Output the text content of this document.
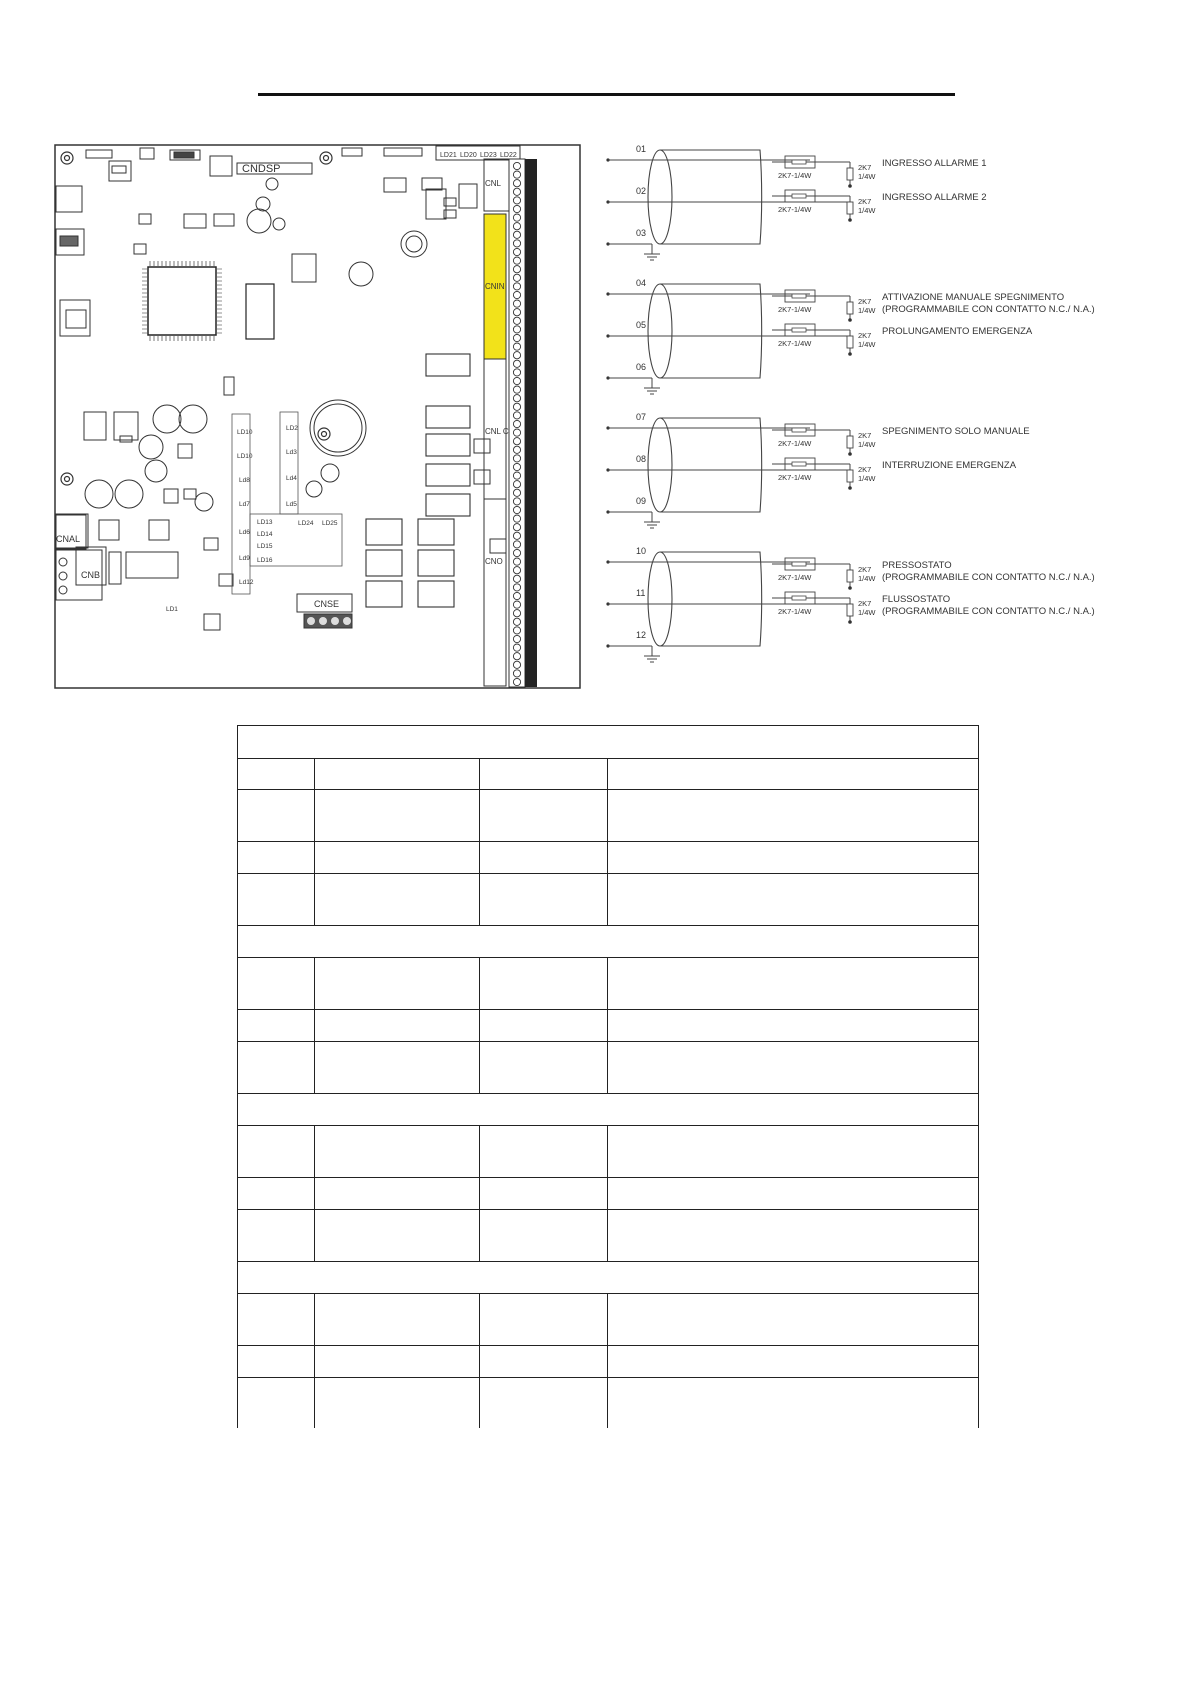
CNDSP
LD21 LD20 LD23 LD22
LD10
LD10
Ld8
Ld7
Ld6
Ld9
Ld12
LD2
Ld3
Ld4
Ld5
LD13
LD14
LD15
LD16
LD24 LD25
LD1
CNAL
CNB
CNSE
CNL
CNIN
CNL C
CNO
01
02
03
2K7-1/4W
2K7
1/4W
INGRESSO ALLARME 1
2K7-1/4W
2K7
1/4W
INGRESSO ALLARME 2
04
05
06
2K7-1/4W
2K7
1/4W
ATTIVAZIONE MANUALE SPEGNIMENTO
(PROGRAMMABILE CON CONTATTO N.C./ N.A.)
2K7-1/4W
2K7
1/4W
PROLUNGAMENTO EMERGENZA
07
08
09
2K7-1/4W
2K7
1/4W
SPEGNIMENTO SOLO MANUALE
2K7-1/4W
2K7
1/4W
INTERRUZIONE EMERGENZA
10
11
12
2K7-1/4W
2K7
1/4W
PRESSOSTATO
(PROGRAMMABILE CON CONTATTO N.C./ N.A.)
2K7-1/4W
2K7
1/4W
FLUSSOSTATO
(PROGRAMMABILE CON CONTATTO N.C./ N.A.)
